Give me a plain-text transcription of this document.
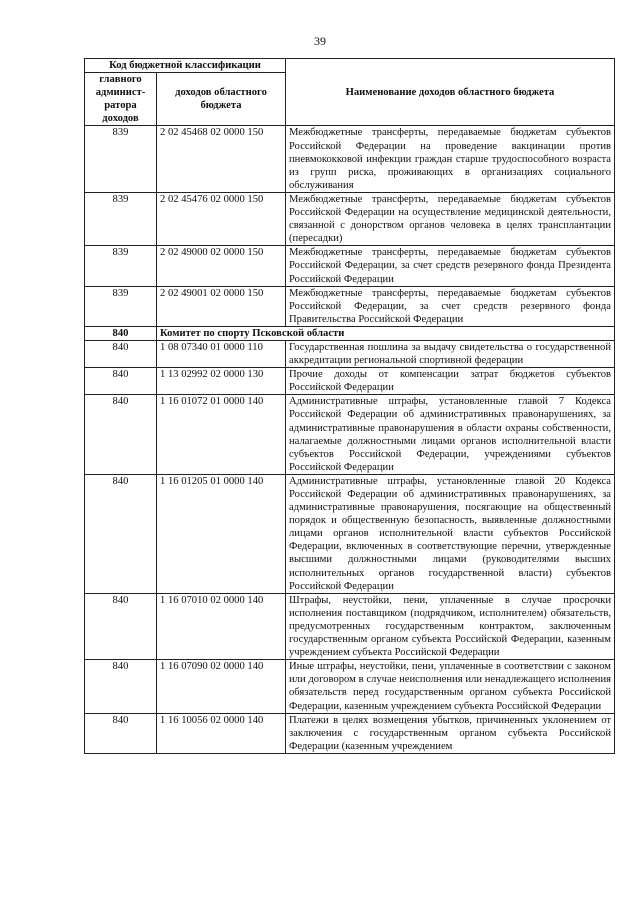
39
Код бюджетной классификации		Наименование доходов областного бюджета
главного админист-ратора доходов	доходов областного бюджета	
839	2 02 45468 02 0000 150	Межбюджетные трансферты, передаваемые бюджетам субъектов Российской Федерации на проведение вакцинации против пневмококковой инфекции граждан старше трудоспособного возраста из групп риска, проживающих в организациях социального обслуживания
839	2 02 45476 02 0000 150	Межбюджетные трансферты, передаваемые бюджетам субъектов Российской Федерации на осуществление медицинской деятельности, связанной с донорством органов человека в целях трансплантации (пересадки)
839	2 02 49000 02 0000 150	Межбюджетные трансферты, передаваемые бюджетам субъектов Российской Федерации, за счет средств резервного фонда Президента Российской Федерации
839	2 02 49001 02 0000 150	Межбюджетные трансферты, передаваемые бюджетам субъектов Российской Федерации, за счет средств резервного фонда Правительства Российской Федерации
840	Комитет по спорту Псковской области	
840	1 08 07340 01 0000 110	Государственная пошлина за выдачу свидетельства о государственной аккредитации региональной спортивной федерации
840	1 13 02992 02 0000 130	Прочие доходы от компенсации затрат бюджетов субъектов Российской Федерации
840	1 16 01072 01 0000 140	Административные штрафы, установленные главой 7 Кодекса Российской Федерации об административных правонарушениях, за административные правонарушения в области охраны собственности, налагаемые должностными лицами органов исполнительной власти субъектов Российской Федерации, учреждениями субъектов Российской Федерации
840	1 16 01205 01 0000 140	Административные штрафы, установленные главой 20 Кодекса Российской Федерации об административных правонарушениях, за административные правонарушения, посягающие на общественный порядок и общественную безопасность, выявленные должностными лицами органов исполнительной власти субъектов Российской Федерации, включенных в соответствующие перечни, утвержденные высшими должностными лицами (руководителями высших исполнительных органов государственной власти) субъектов Российской Федерации
840	1 16 07010 02 0000 140	Штрафы, неустойки, пени, уплаченные в случае просрочки исполнения поставщиком (подрядчиком, исполнителем) обязательств, предусмотренных государственным контрактом, заключенным государственным органом субъекта Российской Федерации, казенным учреждением субъекта Российской Федерации
840	1 16 07090 02 0000 140	Иные штрафы, неустойки, пени, уплаченные в соответствии с законом или договором в случае неисполнения или ненадлежащего исполнения обязательств перед государственным органом субъекта Российской Федерации, казенным учреждением субъекта Российской Федерации
840	1 16 10056 02 0000 140	Платежи в целях возмещения убытков, причиненных уклонением от заключения с государственным органом субъекта Российской Федерации (казенным учреждением
